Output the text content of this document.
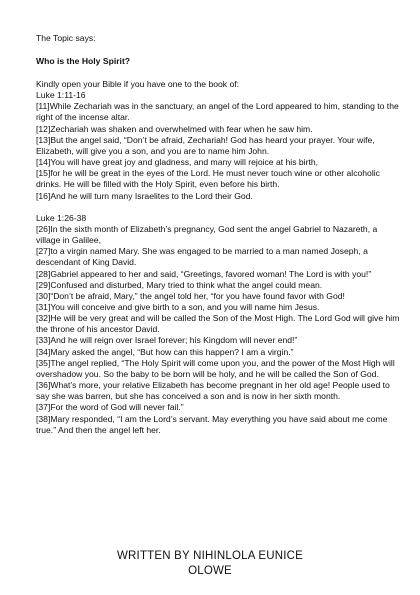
The Topic says:
Who is the Holy Spirit?

Kindly open your Bible if you have one to the book of:

Luke 1:11-16

[11]While Zechariah was in the sanctuary, an angel of the Lord appeared to him, standing to the right of the incense altar.

[12]Zechariah was shaken and overwhelmed with fear when he saw him.

[13]But the angel said, “Don’t be afraid, Zechariah! God has heard your prayer. Your wife, Elizabeth, will give you a son, and you are to name him John.

[14]You will have great joy and gladness, and many will rejoice at his birth,

[15]for he will be great in the eyes of the Lord. He must never touch wine or other alcoholic drinks. He will be filled with the Holy Spirit, even before his birth.

[16]And he will turn many Israelites to the Lord their God.

Luke 1:26-38

[26]In the sixth month of Elizabeth’s pregnancy, God sent the angel Gabriel to Nazareth, a village in Galilee,

[27]to a virgin named Mary. She was engaged to be married to a man named Joseph, a descendant of King David.

[28]Gabriel appeared to her and said, “Greetings, favored woman! The Lord is with you!”

[29]Confused and disturbed, Mary tried to think what the angel could mean.

[30]“Don’t be afraid, Mary,” the angel told her, “for you have found favor with God!

[31]You will conceive and give birth to a son, and you will name him Jesus.

[32]He will be very great and will be called the Son of the Most High. The Lord God will give him the throne of his ancestor David.

[33]And he will reign over Israel forever; his Kingdom will never end!”

[34]Mary asked the angel, “But how can this happen? I am a virgin.”

[35]The angel replied, “The Holy Spirit will come upon you, and the power of the Most High will overshadow you. So the baby to be born will be holy, and he will be called the Son of God.

[36]What’s more, your relative Elizabeth has become pregnant in her old age! People used to say she was barren, but she has conceived a son and is now in her sixth month.

[37]For the word of God will never fail.”

[38]Mary responded, “I am the Lord’s servant. May everything you have said about me come true.” And then the angel left her.

WRITTEN BY NIHINLOLA EUNICE
OLOWE
